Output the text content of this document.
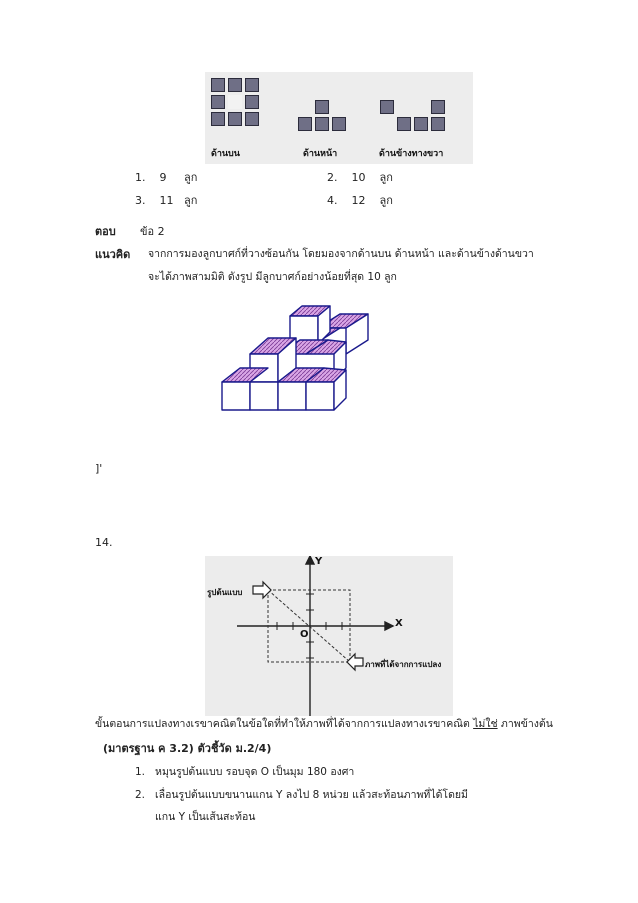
ด้านบน	ด้านหน้า	ด้านข้างทางขวา
1. 9 ลูก	2. 10 ลูก
3. 11 ลูก	4. 12 ลูก
ตอบ ข้อ 2
แนวคิด จากการมองลูกบาศก์ที่วางซ้อนกัน โดยมองจากด้านบน ด้านหน้า และด้านข้างด้านขวา
จะได้ภาพสามมิติ ดังรูป มีลูกบาศก์อย่างน้อยที่สุด 10 ลูก
]'
14.
รูปต้นแบบ
ภาพที่ได้จากการแปลง
X
Y
O
ขั้นตอนการแปลงทางเรขาคณิตในข้อใดที่ทำให้ภาพที่ได้จากการแปลงทางเรขาคณิต ไม่ใช่ ภาพข้างต้น
(มาตรฐาน ค 3.2) ตัวชี้วัด ม.2/4)
1. หมุนรูปต้นแบบ รอบจุด O เป็นมุม 180 องศา
2. เลื่อนรูปต้นแบบขนานแกน Y ลงไป 8 หน่วย แล้วสะท้อนภาพที่ได้โดยมี
แกน Y เป็นเส้นสะท้อน
